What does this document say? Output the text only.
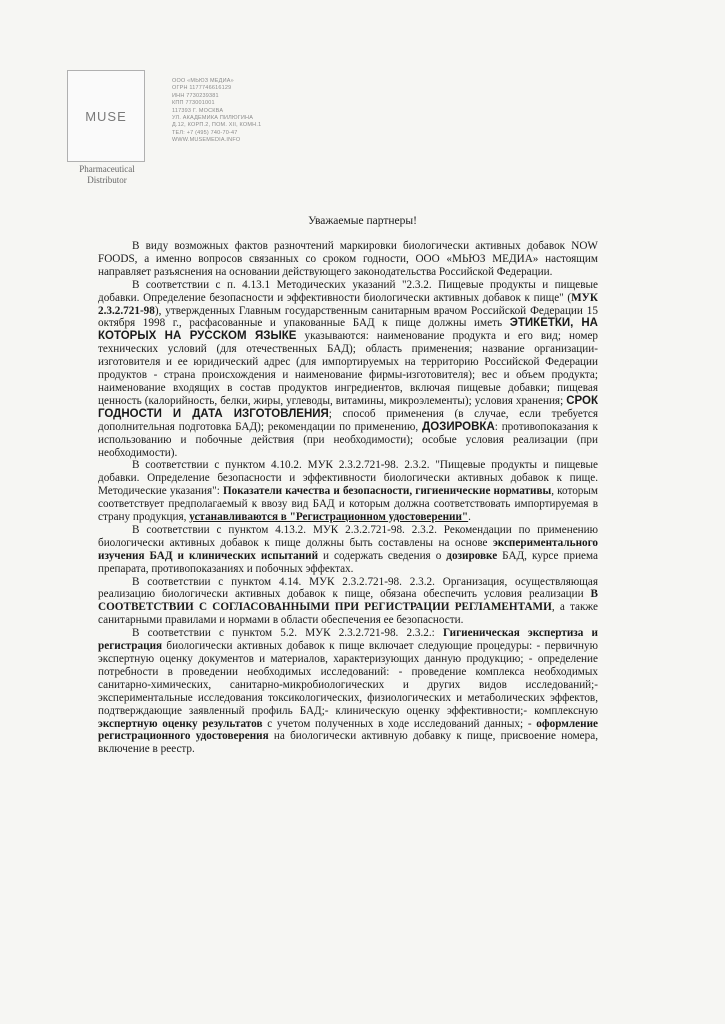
MUSE
Pharmaceutical
Distributor
ООО «МЬЮЗ МЕДИА»
ОГРН 1177746616129
ИНН 7730239381
КПП 773001001
117393 Г. МОСКВА
УЛ. АКАДЕМИКА ПИЛЮГИНА
Д.12, КОРП.2, ПОМ. XII, КОМН.1
ТЕЛ: +7 (495) 740-70-47
WWW.MUSEMEDIA.INFO
Уважаемые партнеры!

В виду возможных фактов разночтений маркировки биологически активных добавок NOW FOODS, а именно вопросов связанных со сроком годности, ООО «МЬЮЗ МЕДИА» настоящим направляет разъяснения на основании действующего законодательства Российской Федерации.

В соответствии с п. 4.13.1 Методических указаний "2.3.2. Пищевые продукты и пищевые добавки. Определение безопасности и эффективности биологически активных добавок к пище" (МУК 2.3.2.721-98), утвержденных Главным государственным санитарным врачом Российской Федерации 15 октября 1998 г., расфасованные и упакованные БАД к пище должны иметь ЭТИКЕТКИ, НА КОТОРЫХ НА РУССКОМ ЯЗЫКЕ указываются: наименование продукта и его вид; номер технических условий (для отечественных БАД); область применения; название организации-изготовителя и ее юридический адрес (для импортируемых на территорию Российской Федерации продуктов - страна происхождения и наименование фирмы-изготовителя); вес и объем продукта; наименование входящих в состав продуктов ингредиентов, включая пищевые добавки; пищевая ценность (калорийность, белки, жиры, углеводы, витамины, микроэлементы); условия хранения; СРОК ГОДНОСТИ И ДАТА ИЗГОТОВЛЕНИЯ; способ применения (в случае, если требуется дополнительная подготовка БАД); рекомендации по применению, ДОЗИРОВКА: противопоказания к использованию и побочные действия (при необходимости); особые условия реализации (при необходимости).

В соответствии с пунктом 4.10.2. МУК 2.3.2.721-98. 2.3.2. "Пищевые продукты и пищевые добавки. Определение безопасности и эффективности биологически активных добавок к пище. Методические указания": Показатели качества и безопасности, гигиенические нормативы, которым соответствует предполагаемый к ввозу вид БАД и которым должна соответствовать импортируемая в страну продукция, устанавливаются в "Регистрационном удостоверении".

В соответствии с пунктом 4.13.2. МУК 2.3.2.721-98. 2.3.2. Рекомендации по применению биологически активных добавок к пище должны быть составлены на основе экспериментального изучения БАД и клинических испытаний и содержать сведения о дозировке БАД, курсе приема препарата, противопоказаниях и побочных эффектах.

В соответствии с пунктом 4.14. МУК 2.3.2.721-98. 2.3.2. Организация, осуществляющая реализацию биологически активных добавок к пище, обязана обеспечить условия реализации В СООТВЕТСТВИИ С СОГЛАСОВАННЫМИ ПРИ РЕГИСТРАЦИИ РЕГЛАМЕНТАМИ, а также санитарными правилами и нормами в области обеспечения ее безопасности.

В соответствии с пунктом 5.2. МУК 2.3.2.721-98. 2.3.2.: Гигиеническая экспертиза и регистрация биологически активных добавок к пище включает следующие процедуры: - первичную экспертную оценку документов и материалов, характеризующих данную продукцию; - определение потребности в проведении необходимых исследований: - проведение комплекса необходимых санитарно-химических, санитарно-микробиологических и других видов исследований;- экспериментальные исследования токсикологических, физиологических и метаболических эффектов, подтверждающие заявленный профиль БАД;- клиническую оценку эффективности;- комплексную экспертную оценку результатов с учетом полученных в ходе исследований данных; - оформление регистрационного удостоверения на биологически активную добавку к пище, присвоение номера, включение в реестр.
